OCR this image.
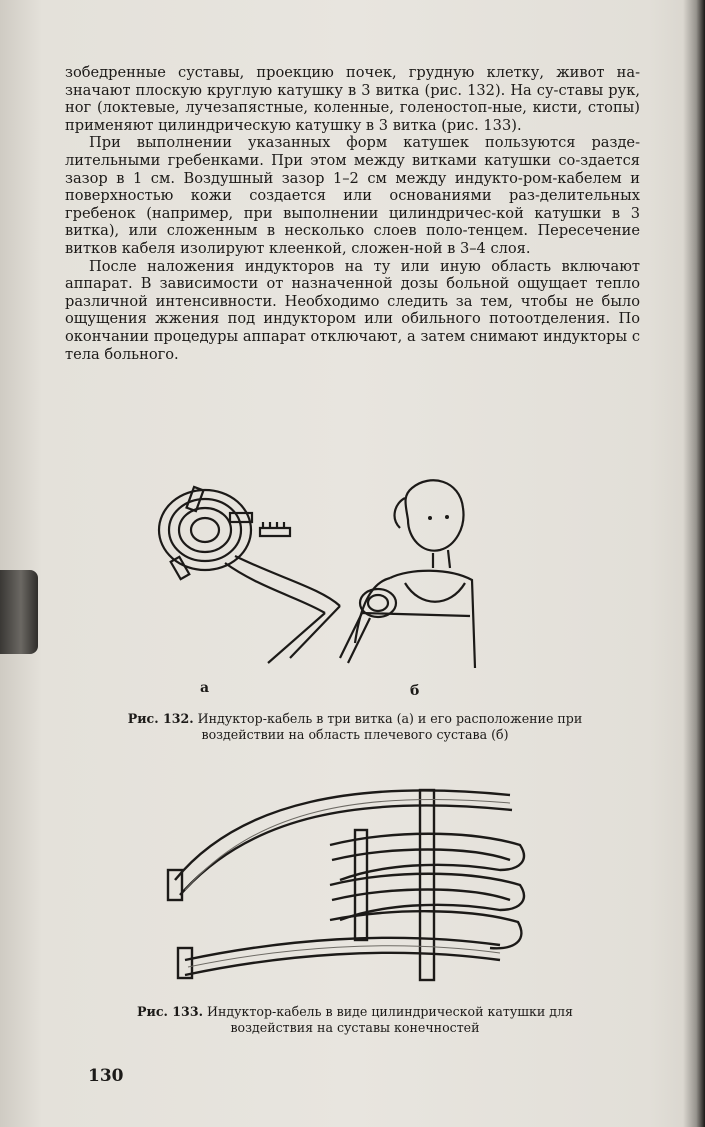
зобедренные суставы, проекцию почек, грудную клетку, живот на-значают плоскую круглую катушку в 3 витка (рис. 132). На су-ставы рук, ног (локтевые, лучезапястные, коленные, голеностоп-ные, кисти, стопы) применяют цилиндрическую катушку в 3 витка (рис. 133).

При выполнении указанных форм катушек пользуются разде-лительными гребенками. При этом между витками катушки со-здается зазор в 1 см. Воздушный зазор 1–2 см между индукто-ром-кабелем и поверхностью кожи создается или основаниями раз-делительных гребенок (например, при выполнении цилиндричес-кой катушки в 3 витка), или сложенным в несколько слоев поло-тенцем. Пересечение витков кабеля изолируют клеенкой, сложен-ной в 3–4 слоя.

После наложения индукторов на ту или иную область включают аппарат. В зависимости от назначенной дозы больной ощущает тепло различной интенсивности. Необходимо следить за тем, чтобы не было ощущения жжения под индуктором или обильного потоотделения. По окончании процедуры аппарат отключают, а затем снимают индукторы с тела больного.

а	б
Рис. 132. Индуктор-кабель в три витка (а) и его расположение при воздействии на область плечевого сустава (б)
Рис. 133. Индуктор-кабель в виде цилиндрической катушки для воздействия на суставы конечностей
130
